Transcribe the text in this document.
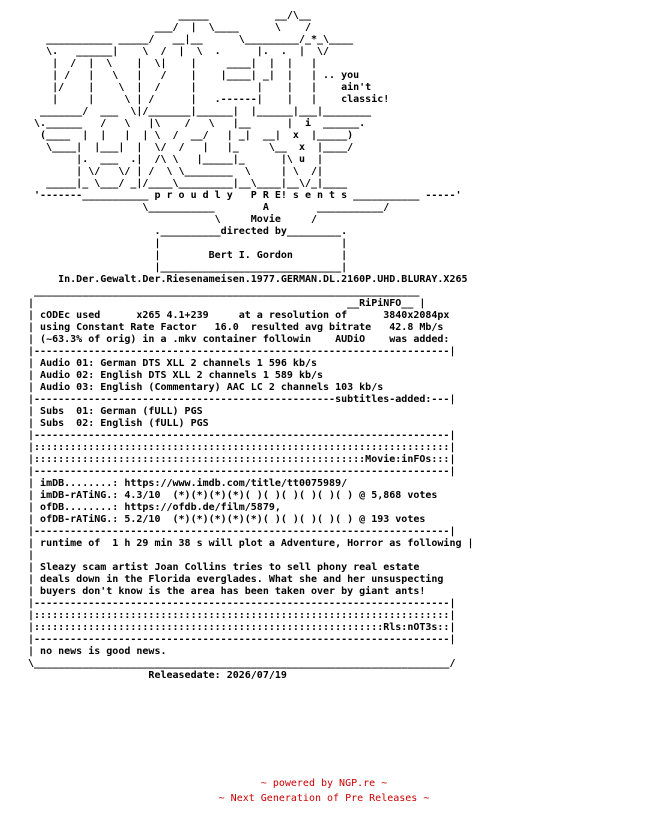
_____           __/\__
___/  |  \____      \    /
___________ _____/   __|__      \_________/_*_\____
\.   ______|    \  /  |  \  .      |.  .  |  \/
|  /  |  \    |  \|    |     ____|  |  |   |
| /   |   \   |   /    |    |____| _|  |   | .. you
|/    |    \  |  /     |          |    |   |    ain't
|     |     \ | /      |   .------|    |   |    classic!
_______/  ___  \|/_______|______|  |______|___|________
\.______   /   \   |\    /   \   |__      |  i  ______.
(____  |  |   |  | \  /  __/   | _|  __|  x  |_____)
\____|  |___|  |  \/  /   |   |_     \__  x  |____/
|.  ___  .|  /\ \   |_____|_      |\ u  |
| \/   \/ | /  \ \________  \     | \  /|
_____|_ \___/ _|/____\_________|__\____|__\/_|____
'-------___________ p r o u d l y   P R E! s e n t s ___________ -----'
\___________        A        ___________/
\     Movie     /
.__________directed by_________.
|                              |
|        Bert I. Gordon        |
|______________________________|
In.Der.Gewalt.Der.Riesenameisen.1977.GERMAN.DL.2160P.UHD.BLURAY.X265
________________________________________________________________
|                                                    __RiPiNFO__ |
| cODEc used      x265 4.1+239     at a resolution of      3840x2084px
| using Constant Rate Factor   16.0  resulted avg bitrate   42.8 Mb/s
| (~63.3% of orig) in a .mkv container followin    AUDiO    was added:
|---------------------------------------------------------------------|
| Audio 01: German DTS XLL 2 channels 1 596 kb/s
| Audio 02: English DTS XLL 2 channels 1 589 kb/s
| Audio 03: English (Commentary) AAC LC 2 channels 103 kb/s
|--------------------------------------------------subtitles-added:---|
| Subs  01: German (fULL) PGS
| Subs  02: English (fULL) PGS
|---------------------------------------------------------------------|
|:::::::::::::::::::::::::::::::::::::::::::::::::::::::::::::::::::::|
|:::::::::::::::::::::::::::::::::::::::::::::::::::::::Movie:inFOs:::|
|---------------------------------------------------------------------|
| imDB........: https://www.imdb.com/title/tt0075989/
| imDB-rATiNG.: 4.3/10  (*)(*)(*)(*)( )( )( )( )( )( ) @ 5,868 votes
| ofDB........: https://ofdb.de/film/5879,
| ofDB-rATiNG.: 5.2/10  (*)(*)(*)(*)(*)( )( )( )( )( ) @ 193 votes
|---------------------------------------------------------------------|
| runtime of  1 h 29 min 38 s will plot a Adventure, Horror as following |
|
| Sleazy scam artist Joan Collins tries to sell phony real estate
| deals down in the Florida everglades. What she and her unsuspecting
| buyers don't know is the area has been taken over by giant ants!
|---------------------------------------------------------------------|
|:::::::::::::::::::::::::::::::::::::::::::::::::::::::::::::::::::::|
|::::::::::::::::::::::::::::::::::::::::::::::::::::::::::Rls:nOT3s::|
|---------------------------------------------------------------------|
| no news is good news.
\_____________________________________________________________________/
Releasedate: 2026/07/19
~ powered by NGP.re ~
~ Next Generation of Pre Releases ~
